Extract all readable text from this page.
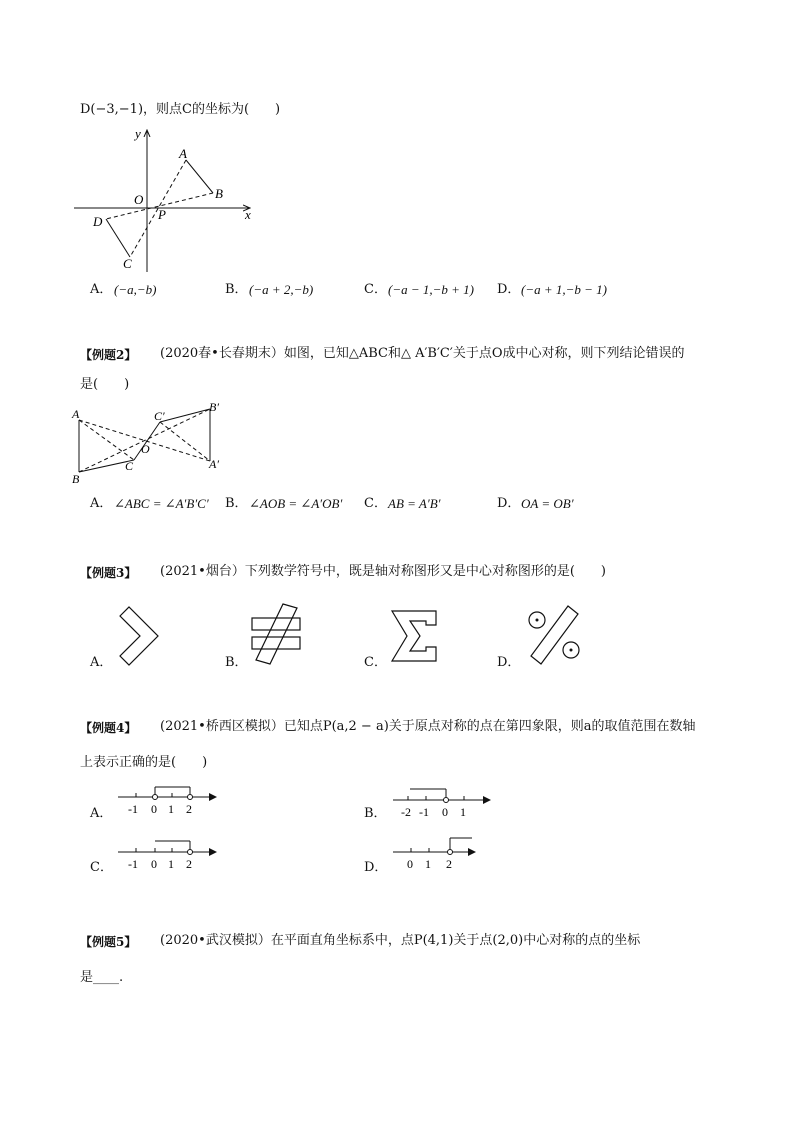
D(−3,−1)，则点C的坐标为(　　)
y
x
O
P
A
B
D
C
A． (−a,−b)	B． (−a + 2,−b)	C． (−a − 1,−b + 1) D． (−a + 1,−b − 1)
【例题2】 (2020春•长春期末）如图，已知△ABC和△ A′B′C′关于点O成中心对称，则下列结论错误的
是(　　)
A
B
C
O
C′
B′
A′
A． ∠ABC = ∠A′B′C′ B． ∠AOB = ∠A′OB′ C． AB = A′B′	D． OA = OB′
【例题3】 (2021•烟台）下列数学符号中，既是轴对称图形又是中心对称图形的是(　　)
A．	B．	C．	D．
【例题4】 (2021•桥西区模拟）已知点P(a,2 − a)关于原点对称的点在第四象限，则a的取值范围在数轴
上表示正确的是(　　)
-1 0 1 2	-2 -1 0 1
-1 0 1 2	0 1 2
A．	B．
C．	D．
【例题5】 (2020•武汉模拟）在平面直角坐标系中，点P(4,1)关于点(2,0)中心对称的点的坐标
是____.
